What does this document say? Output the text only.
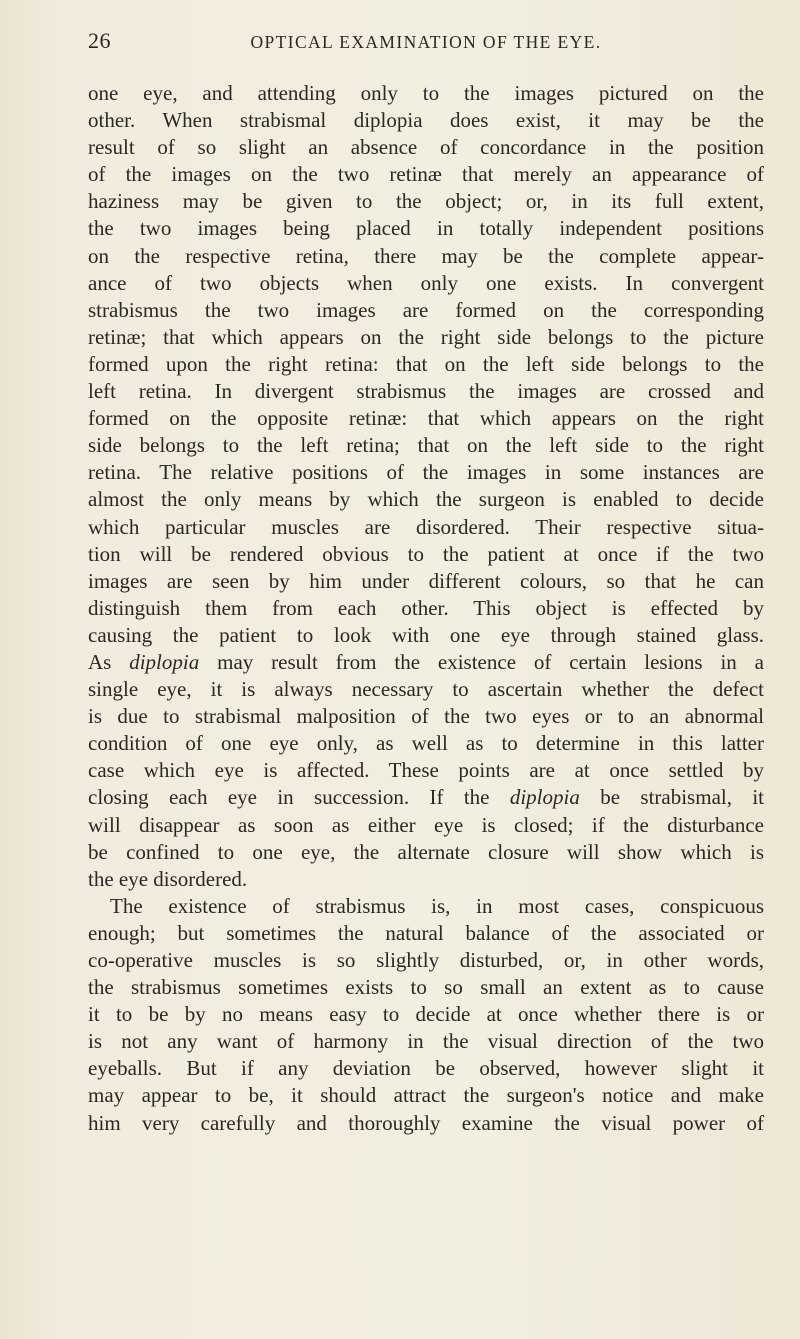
26	OPTICAL EXAMINATION OF THE EYE.
one eye, and attending only to the images pictured on the
other. When strabismal diplopia does exist, it may be the
result of so slight an absence of concordance in the position
of the images on the two retinæ that merely an appearance of
haziness may be given to the object; or, in its full extent,
the two images being placed in totally independent positions
on the respective retina, there may be the complete appear-
ance of two objects when only one exists. In convergent
strabismus the two images are formed on the corresponding
retinæ; that which appears on the right side belongs to the picture
formed upon the right retina: that on the left side belongs to the
left retina. In divergent strabismus the images are crossed and
formed on the opposite retinæ: that which appears on the right
side belongs to the left retina; that on the left side to the right
retina. The relative positions of the images in some instances are
almost the only means by which the surgeon is enabled to decide
which particular muscles are disordered. Their respective situa-
tion will be rendered obvious to the patient at once if the two
images are seen by him under different colours, so that he can
distinguish them from each other. This object is effected by
causing the patient to look with one eye through stained glass.
As diplopia may result from the existence of certain lesions in a
single eye, it is always necessary to ascertain whether the defect
is due to strabismal malposition of the two eyes or to an abnormal
condition of one eye only, as well as to determine in this latter
case which eye is affected. These points are at once settled by
closing each eye in succession. If the diplopia be strabismal, it
will disappear as soon as either eye is closed; if the disturbance
be confined to one eye, the alternate closure will show which is
the eye disordered.
The existence of strabismus is, in most cases, conspicuous
enough; but sometimes the natural balance of the associated or
co-operative muscles is so slightly disturbed, or, in other words,
the strabismus sometimes exists to so small an extent as to cause
it to be by no means easy to decide at once whether there is or
is not any want of harmony in the visual direction of the two
eyeballs. But if any deviation be observed, however slight it
may appear to be, it should attract the surgeon's notice and make
him very carefully and thoroughly examine the visual power of
